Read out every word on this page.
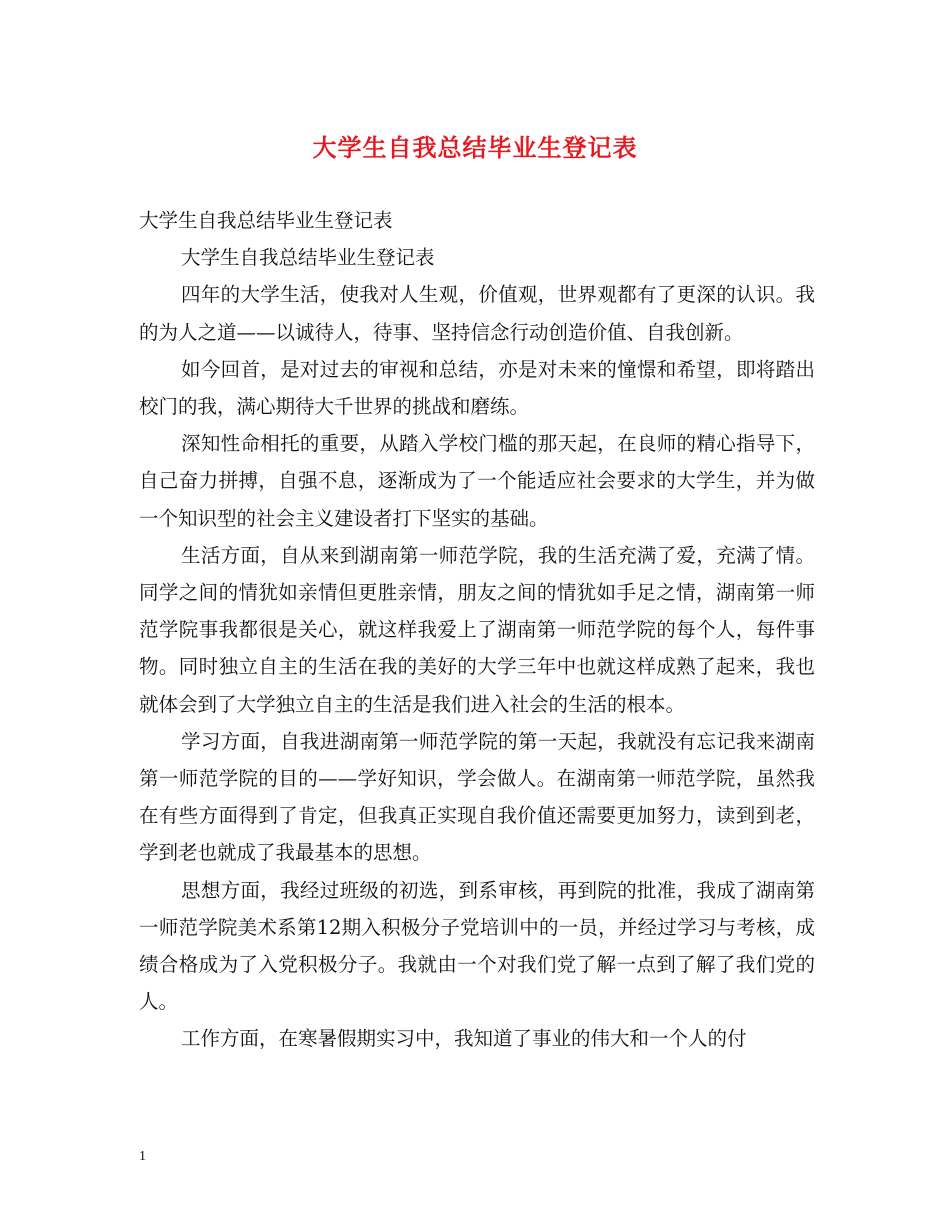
大学生自我总结毕业生登记表

大学生自我总结毕业生登记表

大学生自我总结毕业生登记表

四年的大学生活，使我对人生观，价值观，世界观都有了更深的认识。我的为人之道——以诚待人，待事、坚持信念行动创造价值、自我创新。

如今回首，是对过去的审视和总结，亦是对未来的憧憬和希望，即将踏出校门的我，满心期待大千世界的挑战和磨练。

深知性命相托的重要，从踏入学校门槛的那天起，在良师的精心指导下，自己奋力拼搏，自强不息，逐渐成为了一个能适应社会要求的大学生，并为做一个知识型的社会主义建设者打下坚实的基础。

生活方面，自从来到湖南第一师范学院，我的生活充满了爱，充满了情。同学之间的情犹如亲情但更胜亲情，朋友之间的情犹如手足之情，湖南第一师范学院事我都很是关心，就这样我爱上了湖南第一师范学院的每个人，每件事物。同时独立自主的生活在我的美好的大学三年中也就这样成熟了起来，我也就体会到了大学独立自主的生活是我们进入社会的生活的根本。

学习方面，自我进湖南第一师范学院的第一天起，我就没有忘记我来湖南第一师范学院的目的——学好知识，学会做人。在湖南第一师范学院，虽然我在有些方面得到了肯定，但我真正实现自我价值还需要更加努力，读到到老，学到老也就成了我最基本的思想。

思想方面，我经过班级的初选，到系审核，再到院的批准，我成了湖南第一师范学院美术系第12期入积极分子党培训中的一员，并经过学习与考核，成绩合格成为了入党积极分子。我就由一个对我们党了解一点到了解了我们党的人。

工作方面，在寒暑假期实习中，我知道了事业的伟大和一个人的付

1
